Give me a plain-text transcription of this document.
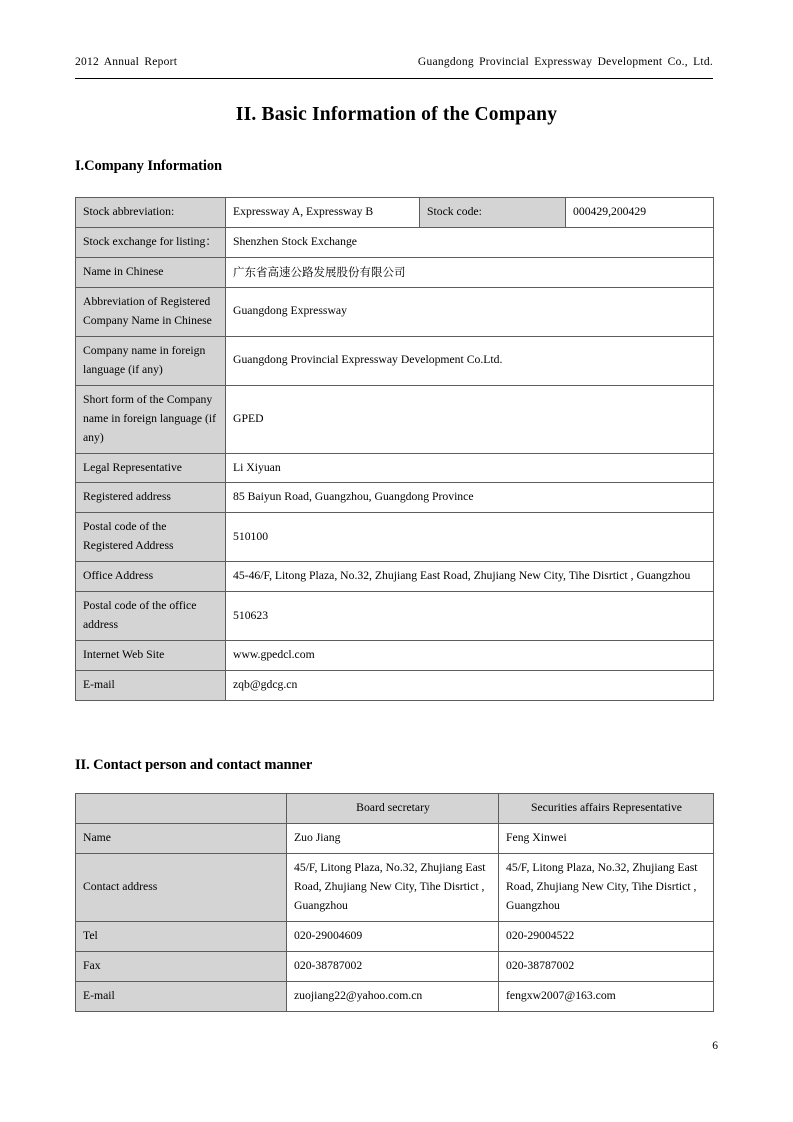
2012 Annual Report	Guangdong Provincial Expressway Development Co., Ltd.
II. Basic Information of the Company
I.Company Information
Stock abbreviation:	Expressway A, Expressway B	Stock code:	000429,200429
Stock exchange for listing：	Shenzhen Stock Exchange		
Name in Chinese	广东省高速公路发展股份有限公司		
Abbreviation of Registered Company Name in Chinese	Guangdong Expressway		
Company name in foreign language (if any)	Guangdong Provincial Expressway Development Co.Ltd.		
Short form of the Company name in foreign language (if any)	GPED		
Legal Representative	Li Xiyuan		
Registered address	85 Baiyun Road, Guangzhou, Guangdong Province		
Postal code of the Registered Address	510100		
Office Address	45-46/F, Litong Plaza, No.32, Zhujiang East Road, Zhujiang New City, Tihe Disrtict , Guangzhou		
Postal code of the office address	510623		
Internet Web Site	www.gpedcl.com		
E-mail	zqb@gdcg.cn		
II. Contact person and contact manner
	Board secretary	Securities affairs Representative
Name	Zuo Jiang	Feng Xinwei
Contact address	45/F, Litong Plaza, No.32, Zhujiang East Road, Zhujiang New City, Tihe Disrtict , Guangzhou	45/F, Litong Plaza, No.32, Zhujiang East Road, Zhujiang New City, Tihe Disrtict , Guangzhou
Tel	020-29004609	020-29004522
Fax	020-38787002	020-38787002
E-mail	zuojiang22@yahoo.com.cn	fengxw2007@163.com
6
